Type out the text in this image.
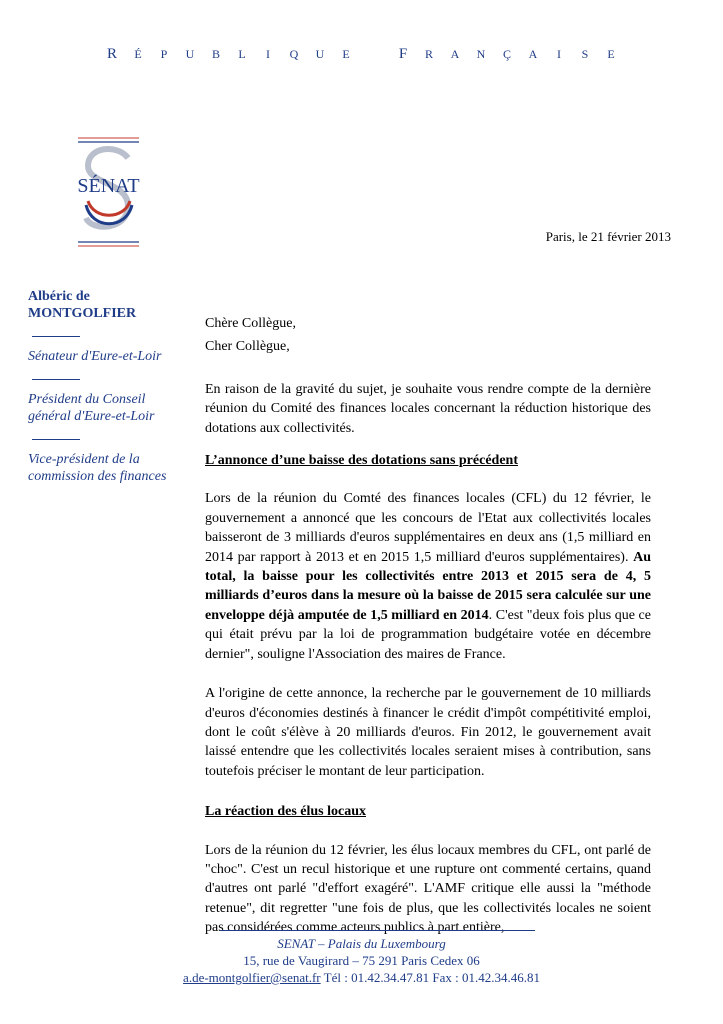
R É P U B L I Q U E	F R A N Ç A I S E
SÉNAT
Paris, le 21 février 2013
Albéric de
MONTGOLFIER
Sénateur d'Eure-et-Loir
Président du Conseil général d'Eure-et-Loir
Vice-président de la commission des finances

Chère Collègue,

Cher Collègue,

En raison de la gravité du sujet, je souhaite vous rendre compte de la dernière réunion du Comité des finances locales concernant la réduction historique des dotations aux collectivités.

L’annonce d’une baisse des dotations sans précédent

Lors de la réunion du Comté des finances locales (CFL) du 12 février, le gouvernement a annoncé que les concours de l'Etat aux collectivités locales baisseront de 3 milliards d'euros supplémentaires en deux ans (1,5 milliard en 2014 par rapport à 2013 et en 2015 1,5 milliard d'euros supplémentaires). Au total, la baisse pour les collectivités entre 2013 et 2015 sera de 4, 5 milliards d’euros dans la mesure où la baisse de 2015 sera calculée sur une enveloppe déjà amputée de 1,5 milliard en 2014. C'est "deux fois plus que ce qui était prévu par la loi de programmation budgétaire votée en décembre dernier", souligne l'Association des maires de France.

A l'origine de cette annonce, la recherche par le gouvernement de 10 milliards d'euros d'économies destinés à financer le crédit d'impôt compétitivité emploi, dont le coût s'élève à 20 milliards d'euros. Fin 2012, le gouvernement avait laissé entendre que les collectivités locales seraient mises à contribution, sans toutefois préciser le montant de leur participation.

La réaction des élus locaux

Lors de la réunion du 12 février, les élus locaux membres du CFL, ont parlé de "choc". C'est un recul historique et une rupture ont commenté certains, quand d'autres ont parlé "d'effort exagéré". L'AMF critique elle aussi la "méthode retenue", dit regretter "une fois de plus, que les collectivités locales ne soient pas considérées comme acteurs publics à part entière,

SENAT – Palais du Luxembourg
15, rue de Vaugirard – 75 291 Paris Cedex 06
a.de-montgolfier@senat.fr Tél : 01.42.34.47.81 Fax : 01.42.34.46.81
